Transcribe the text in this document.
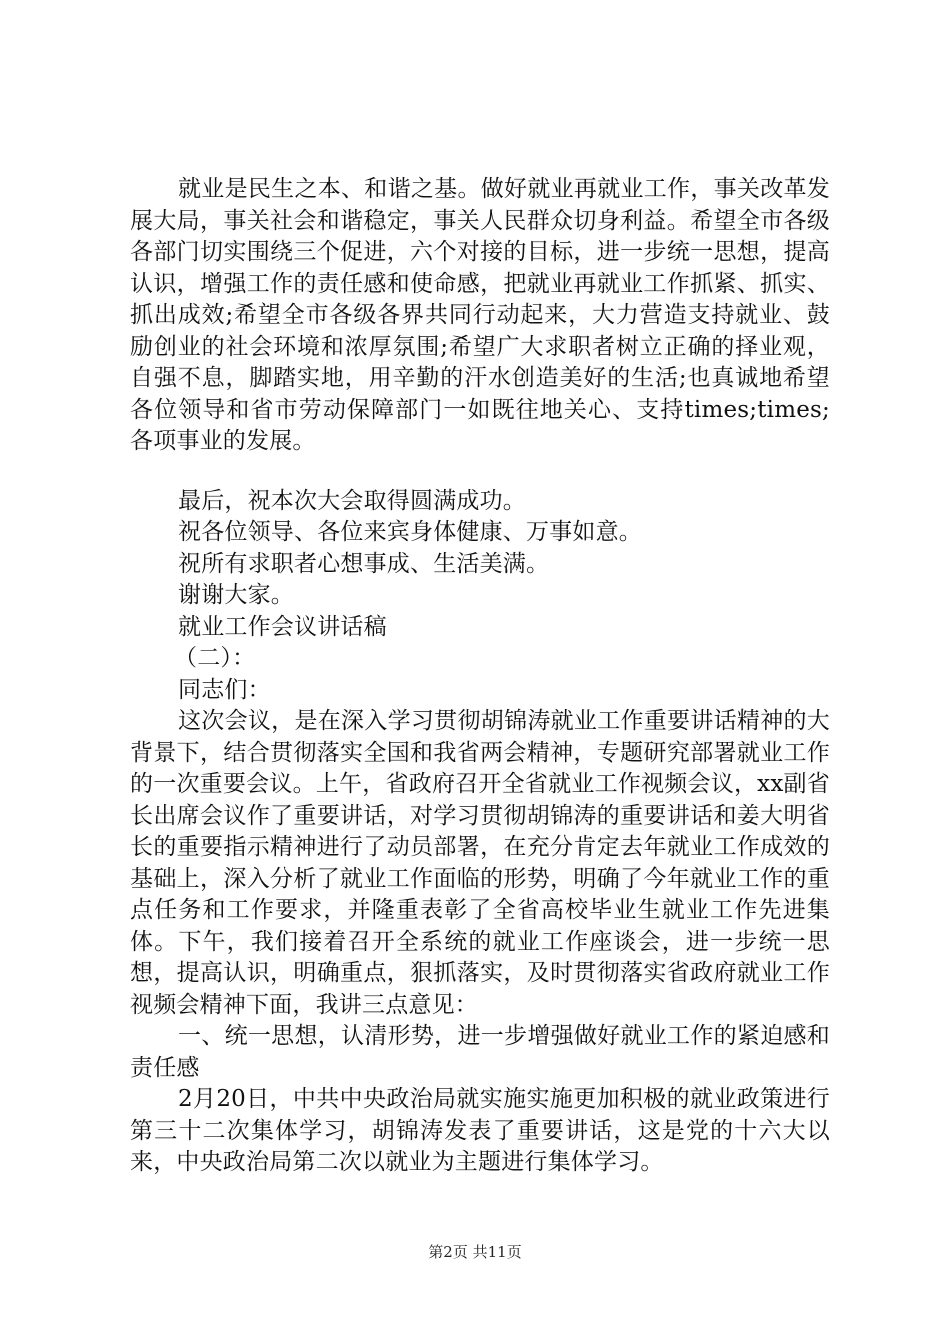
就业是民生之本、和谐之基。做好就业再就业工作，事关改革发展大局，事关社会和谐稳定，事关人民群众切身利益。希望全市各级各部门切实围绕三个促进，六个对接的目标，进一步统一思想，提高认识，增强工作的责任感和使命感，把就业再就业工作抓紧、抓实、抓出成效;希望全市各级各界共同行动起来，大力营造支持就业、鼓励创业的社会环境和浓厚氛围;希望广大求职者树立正确的择业观，自强不息，脚踏实地，用辛勤的汗水创造美好的生活;也真诚地希望各位领导和省市劳动保障部门一如既往地关心、支持times;times;各项事业的发展。

最后，祝本次大会取得圆满成功。

祝各位领导、各位来宾身体健康、万事如意。

祝所有求职者心想事成、生活美满。

谢谢大家。

就业工作会议讲话稿

（二）：

同志们：

这次会议，是在深入学习贯彻胡锦涛就业工作重要讲话精神的大背景下，结合贯彻落实全国和我省两会精神，专题研究部署就业工作的一次重要会议。上午，省政府召开全省就业工作视频会议，xx副省长出席会议作了重要讲话，对学习贯彻胡锦涛的重要讲话和姜大明省长的重要指示精神进行了动员部署，在充分肯定去年就业工作成效的基础上，深入分析了就业工作面临的形势，明确了今年就业工作的重点任务和工作要求，并隆重表彰了全省高校毕业生就业工作先进集体。下午，我们接着召开全系统的就业工作座谈会，进一步统一思想，提高认识，明确重点，狠抓落实，及时贯彻落实省政府就业工作视频会精神下面，我讲三点意见：

一、统一思想，认清形势，进一步增强做好就业工作的紧迫感和责任感

2月20日，中共中央政治局就实施实施更加积极的就业政策进行第三十二次集体学习，胡锦涛发表了重要讲话，这是党的十六大以来，中央政治局第二次以就业为主题进行集体学习。

第2页 共11页
